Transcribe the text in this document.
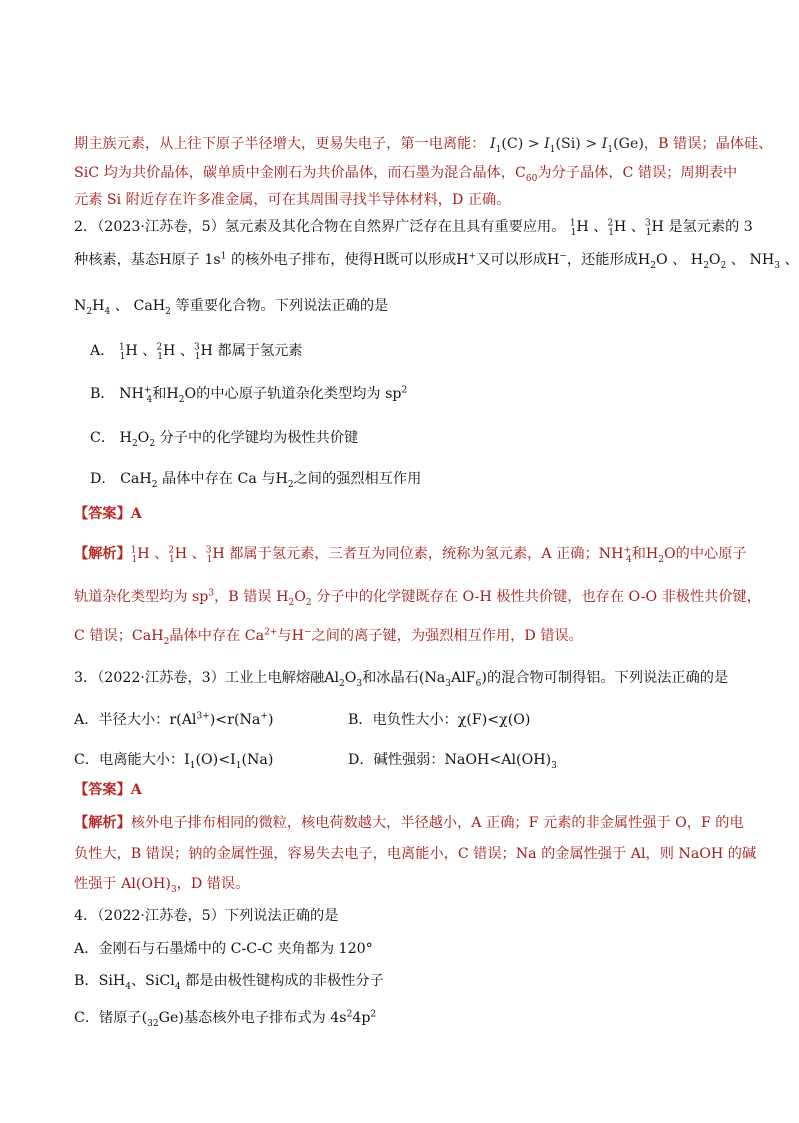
期主族元素，从上往下原子半径增大，更易失电子，第一电离能： $I_1(C) > I_1(Si) > I_1(Ge)$，B 错误；晶体硅、
SiC 均为共价晶体，碳单质中金刚石为共价晶体，而石墨为混合晶体，$C_{60}$为分子晶体，C 错误；周期表中
元素 Si 附近存在许多准金属，可在其周围寻找半导体材料，D 正确。
2．（2023·江苏卷，5）氢元素及其化合物在自然界广泛存在且具有重要应用。 $^1_1$H 、$^2_1$H 、$^3_1$H 是氢元素的 3
种核素，基态H原子 $1s^1$ 的核外电子排布，使得H既可以形成H+又可以形成H−，还能形成$H_2O$ 、 $H_2O_2$ 、 $NH_3$ 、
$N_2H_4$ 、 CaH$_2$ 等重要化合物。下列说法正确的是
A． $^1_1$H 、$^2_1$H 、$^3_1$H 都属于氢元素
B． $NH^+_4$和$H_2O$的中心原子轨道杂化类型均为 $sp^2$
C． $H_2O_2$ 分子中的化学键均为极性共价键
D． CaH$_2$ 晶体中存在 Ca 与$H_2$之间的强烈相互作用
【答案】A
【解析】$^1_1$H 、$^2_1$H 、$^3_1$H 都属于氢元素，三者互为同位素，统称为氢元素，A 正确；$NH^+_4$和$H_2O$的中心原子
轨道杂化类型均为 $sp^3$，B 错误 $H_2O_2$ 分子中的化学键既存在 O-H 极性共价键，也存在 O-O 非极性共价键，
C 错误；CaH$_2$晶体中存在 $Ca^{2+}$与H−之间的离子键，为强烈相互作用，D 错误。
3．（2022·江苏卷，3）工业上电解熔融$Al_2O_3$和冰晶石$(Na_3AlF_6)$的混合物可制得铝。下列说法正确的是
A．半径大小：$r(Al^{3+})<r(Na^+)$	B．电负性大小：χ(F)<χ(O)
C．电离能大小：$I_1(O)<I_1(Na)$	D．碱性强弱：$NaOH<Al(OH)_3$
【答案】A
【解析】核外电子排布相同的微粒，核电荷数越大，半径越小，A 正确；F 元素的非金属性强于 O，F 的电
负性大，B 错误；钠的金属性强，容易失去电子，电离能小，C 错误；Na 的金属性强于 Al，则 NaOH 的碱
性强于 $Al(OH)_3$，D 错误。
4．（2022·江苏卷，5）下列说法正确的是
A．金刚石与石墨烯中的 C-C-C 夹角都为 120°
B．SiH$_4$、SiCl$_4$ 都是由极性键构成的非极性分子
C．锗原子$(_{32}Ge)$基态核外电子排布式为 $4s^24p^2$
